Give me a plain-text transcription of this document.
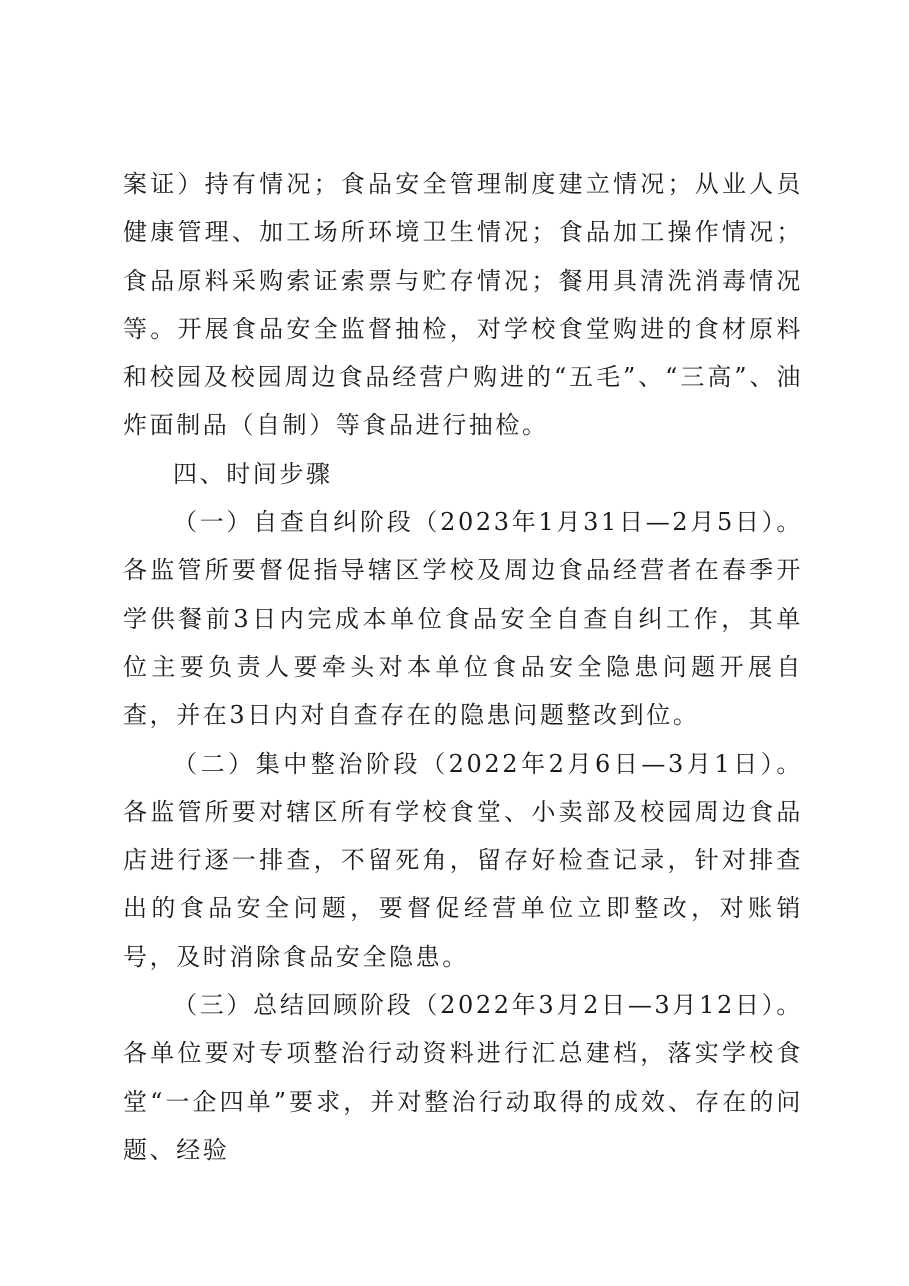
案证）持有情况；食品安全管理制度建立情况；从业人员健康管理、加工场所环境卫生情况；食品加工操作情况；食品原料采购索证索票与贮存情况；餐用具清洗消毒情况等。开展食品安全监督抽检，对学校食堂购进的食材原料和校园及校园周边食品经营户购进的“五毛”、“三高”、油炸面制品（自制）等食品进行抽检。

四、时间步骤

（一）自查自纠阶段（2023年1月31日—2月5日）。各监管所要督促指导辖区学校及周边食品经营者在春季开学供餐前3日内完成本单位食品安全自查自纠工作，其单位主要负责人要牵头对本单位食品安全隐患问题开展自查，并在3日内对自查存在的隐患问题整改到位。

（二）集中整治阶段（2022年2月6日—3月1日）。各监管所要对辖区所有学校食堂、小卖部及校园周边食品店进行逐一排查，不留死角，留存好检查记录，针对排查出的食品安全问题，要督促经营单位立即整改，对账销号，及时消除食品安全隐患。

（三）总结回顾阶段（2022年3月2日—3月12日）。各单位要对专项整治行动资料进行汇总建档，落实学校食堂“一企四单”要求，并对整治行动取得的成效、存在的问题、经验
